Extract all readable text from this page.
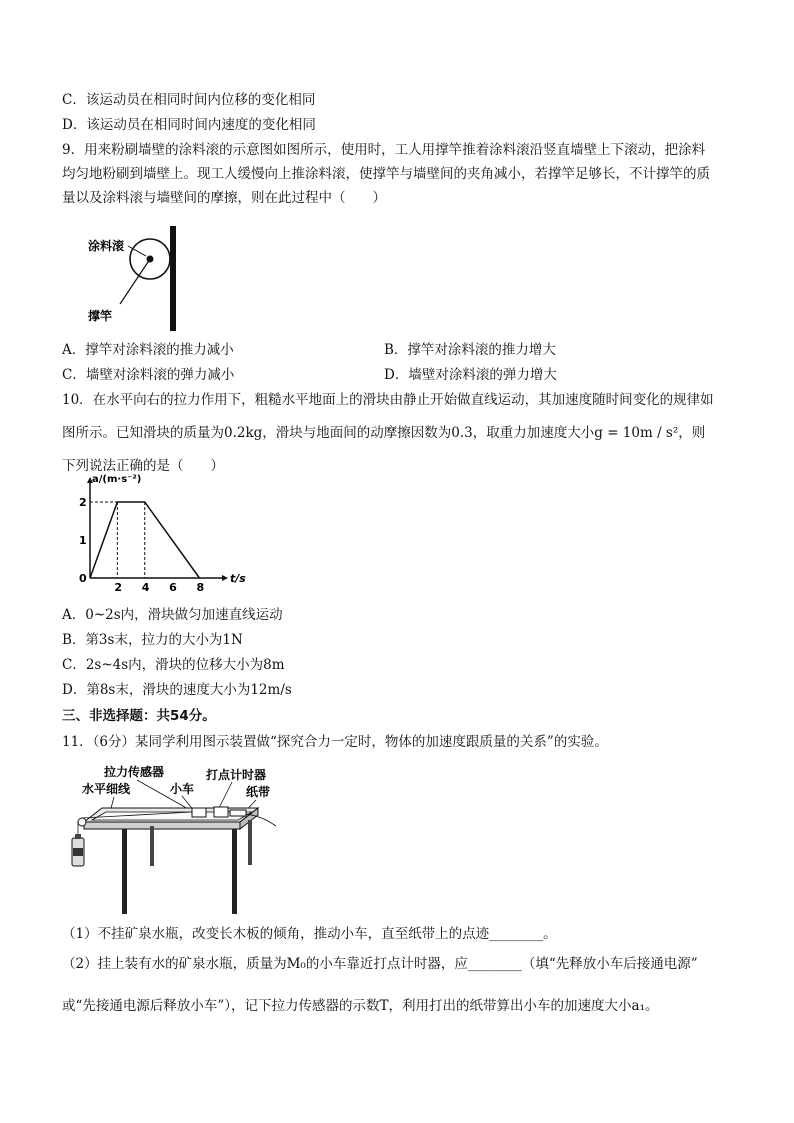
C．该运动员在相同时间内位移的变化相同
D．该运动员在相同时间内速度的变化相同
9．用来粉刷墙壁的涂料滚的示意图如图所示，使用时，工人用撑竿推着涂料滚沿竖直墙壁上下滚动，把涂料
均匀地粉刷到墙壁上。现工人缓慢向上推涂料滚，使撑竿与墙壁间的夹角减小，若撑竿足够长，不计撑竿的质
量以及涂料滚与墙壁间的摩擦，则在此过程中（　　）
涂料滚
撑竿
A．撑竿对涂料滚的推力减小	B．撑竿对涂料滚的推力增大
C．墙壁对涂料滚的弹力减小	D．墙壁对涂料滚的弹力增大
10．在水平向右的拉力作用下，粗糙水平地面上的滑块由静止开始做直线运动，其加速度随时间变化的规律如
图所示。已知滑块的质量为0.2kg，滑块与地面间的动摩擦因数为0.3，取重力加速度大小g = 10m / s²，则
下列说法正确的是（　　）
t/s
a/(m·s⁻²)
2 4 6 8
0
1
2
A．0~2s内，滑块做匀加速直线运动
B．第3s末，拉力的大小为1N
C．2s~4s内，滑块的位移大小为8m
D．第8s末，滑块的速度大小为12m/s
三、非选择题：共54分。
11．（6分）某同学利用图示装置做“探究合力一定时，物体的加速度跟质量的关系”的实验。
拉力传感器	打点计时器
水平细线	小车	纸带
（1）不挂矿泉水瓶，改变长木板的倾角，推动小车，直至纸带上的点迹________。
（2）挂上装有水的矿泉水瓶，质量为M₀的小车靠近打点计时器，应________（填“先释放小车后接通电源”
或“先接通电源后释放小车”），记下拉力传感器的示数T，利用打出的纸带算出小车的加速度大小a₁。
